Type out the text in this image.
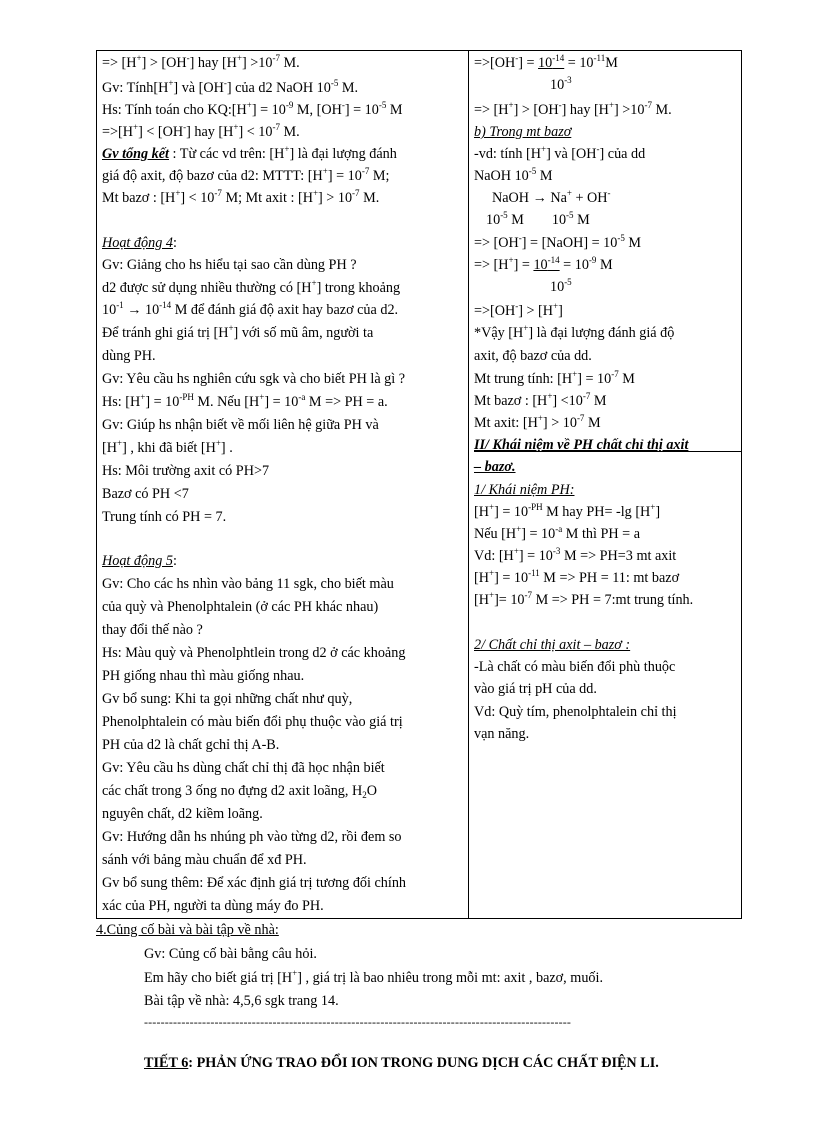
=> [H+] > [OH-] hay $[H^+] >10^{-7}$ M.
Gv: Tính[H+] và [OH-] của d2 NaOH $10^{-5}$ M.
Hs: Tính toán cho KQ:[H+] = $10^{-9}$ M, $[OH^-] = 10^{-5}$ M
=>[H+] < [OH-] hay $[H^+] < 10^{-7}$ M.
Gv tổng kết : Từ các vd trên: [H+] là đại lượng đánh
giá độ axit, độ bazơ của d2: MTTT: $[H^+] = 10^{-7}$ M;
Mt bazơ : $[H^+] < 10^{-7}$ M; Mt axit : $[H^+] > 10^{-7}$ M.
Hoạt động 4:
Gv: Giảng cho hs hiểu tại sao cần dùng PH ?
d2 được sử dụng nhiều thường có [H+] trong khoảng
$10^{-1} \to 10^{-14}$ M để đánh giá độ axit hay bazơ của d2.
Để tránh ghi giá trị [H+] với số mũ âm, người ta
dùng PH.
Gv: Yêu cầu hs nghiên cứu sgk và cho biết PH là gì ?
Hs: $[H^+] = 10^{-PH}$ M. Nếu $[H^+] = 10^{-a}$ M => PH = a.
Gv: Giúp hs nhận biết về mối liên hệ giữa PH và
[H+] , khi đã biết [H+] .
Hs: Môi trường axit có PH>7
Bazơ có PH <7
Trung tính có PH = 7.
Hoạt động 5:
Gv: Cho các hs nhìn vào bảng 11 sgk, cho biết màu
của quỳ và Phenolphtalein (ở các PH khác nhau)
thay đổi thế nào ?
Hs: Màu quỳ và Phenolphtlein trong d2 ở các khoảng
PH giống nhau thì màu giống nhau.
Gv bổ sung: Khi ta gọi những chất như quỳ,
Phenolphtalein có màu biến đổi phụ thuộc vào giá trị
PH của d2 là chất gchỉ thị A-B.
Gv: Yêu cầu hs dùng chất chỉ thị đã học nhận biết
các chất trong 3 ống no đựng d2 axit loãng, $H_2O$
nguyên chất, d2 kiềm loãng.
Gv: Hướng dẫn hs nhúng ph vào từng d2, rồi đem so
sánh với bảng màu chuẩn để xđ PH.
Gv bổ sung thêm: Để xác định giá trị tương đối chính
xác của PH, người ta dùng máy đo PH.
$=>[OH^-] = 10^{-14} = 10^{-11}M$
$10^{-3}$
=> [H+] > [OH-] hay $[H^+] >10^{-7}$ M.
b) Trong mt bazơ
-vd: tính [H+] và [OH-] của dd
NaOH $10^{-5}$ M
NaOH → Na+ + OH-
$10^{-5}$ M $10^{-5}$ M
=> [OH-] = [NaOH] = $10^{-5}$ M
=> $[H^+] = 10^{-14} = 10^{-9}$ M
$10^{-5}$
=>[OH-] > [H+]
*Vậy [H+] là đại lượng đánh giá độ
axit, độ bazơ của dd.
Mt trung tính: $[H^+] = 10^{-7}$ M
Mt bazơ : $[H^+] <10^{-7}$ M
Mt axit: $[H^+] > 10^{-7}$ M
II/ Khái niệm về PH chất chỉ thị axit
– bazơ.
1/ Khái niệm PH:
$[H^+] = 10^{-PH}$ M hay PH= -lg [H+]
Nếu $[H^+] = 10^{-a}$ M thì PH = a
Vd: $[H^+] = 10^{-3}$ M => PH=3 mt axit
$[H^+] = 10^{-11}$ M => PH = 11: mt bazơ
$[H^+]= 10^{-7}$ M => PH = 7:mt trung tính.
2/ Chất chỉ thị axit – bazơ :
-Là chất có màu biến đổi phù thuộc
vào giá trị pH của dd.
Vd: Quỳ tím, phenolphtalein chỉ thị
vạn năng.
4.Củng cố bài và bài tập về nhà:
Gv: Củng cố bài bằng câu hỏi.
Em hãy cho biết giá trị [H+] , giá trị là bao nhiêu trong mỗi mt: axit , bazơ, muối.
Bài tập về nhà: 4,5,6 sgk trang 14.
-------------------------------------------------------------------------------------------------------
TIẾT 6: PHẢN ỨNG TRAO ĐỔI ION TRONG DUNG DỊCH CÁC CHẤT ĐIỆN LI.
